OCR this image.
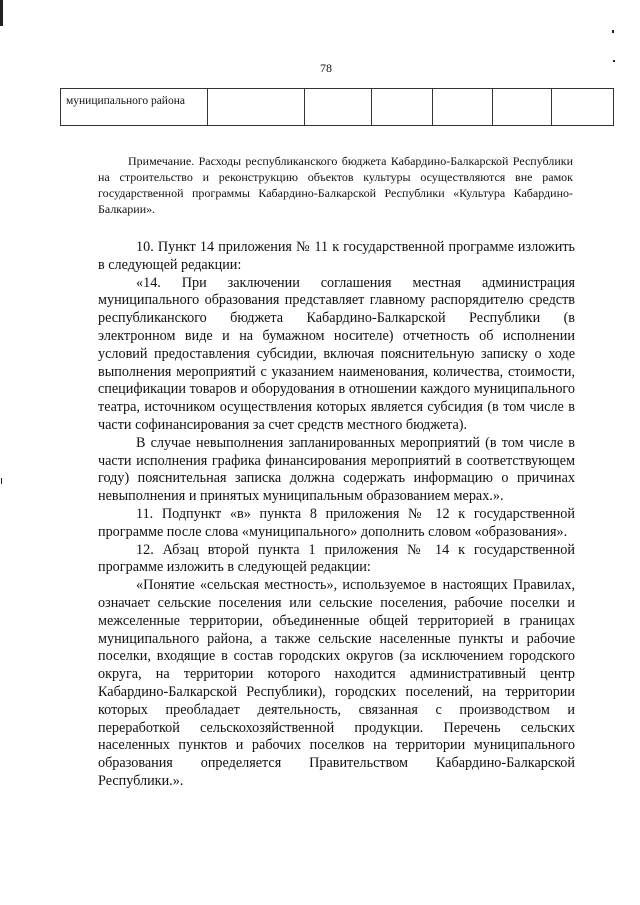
78
муниципального района

Примечание. Расходы республиканского бюджета Кабардино-Балкарской Республики на строительство и реконструкцию объектов культуры осуществляются вне рамок государственной программы Кабардино-Балкарской Республики «Культура Кабардино-Балкарии».

10. Пункт 14 приложения № 11 к государственной программе изложить в следующей редакции:

«14. При заключении соглашения местная администрация муниципального образования представляет главному распорядителю средств республиканского бюджета Кабардино-Балкарской Республики (в электронном виде и на бумажном носителе) отчетность об исполнении условий предоставления субсидии, включая пояснительную записку о ходе выполнения мероприятий с указанием наименования, количества, стоимости, спецификации товаров и оборудования в отношении каждого муниципального театра, источником осуществления которых является субсидия (в том числе в части софинансирования за счет средств местного бюджета).

В случае невыполнения запланированных мероприятий (в том числе в части исполнения графика финансирования мероприятий в соответствующем году) пояснительная записка должна содержать информацию о причинах невыполнения и принятых муниципальным образованием мерах.».

11. Подпункт «в» пункта 8 приложения № 12 к государственной программе после слова «муниципального» дополнить словом «образования».

12. Абзац второй пункта 1 приложения № 14 к государственной программе изложить в следующей редакции:

«Понятие «сельская местность», используемое в настоящих Правилах, означает сельские поселения или сельские поселения, рабочие поселки и межселенные территории, объединенные общей территорией в границах муниципального района, а также сельские населенные пункты и рабочие поселки, входящие в состав городских округов (за исключением городского округа, на территории которого находится административный центр Кабардино-Балкарской Республики), городских поселений, на территории которых преобладает деятельность, связанная с производством и переработкой сельскохозяйственной продукции. Перечень сельских населенных пунктов и рабочих поселков на территории муниципального образования определяется Правительством Кабардино-Балкарской Республики.».
